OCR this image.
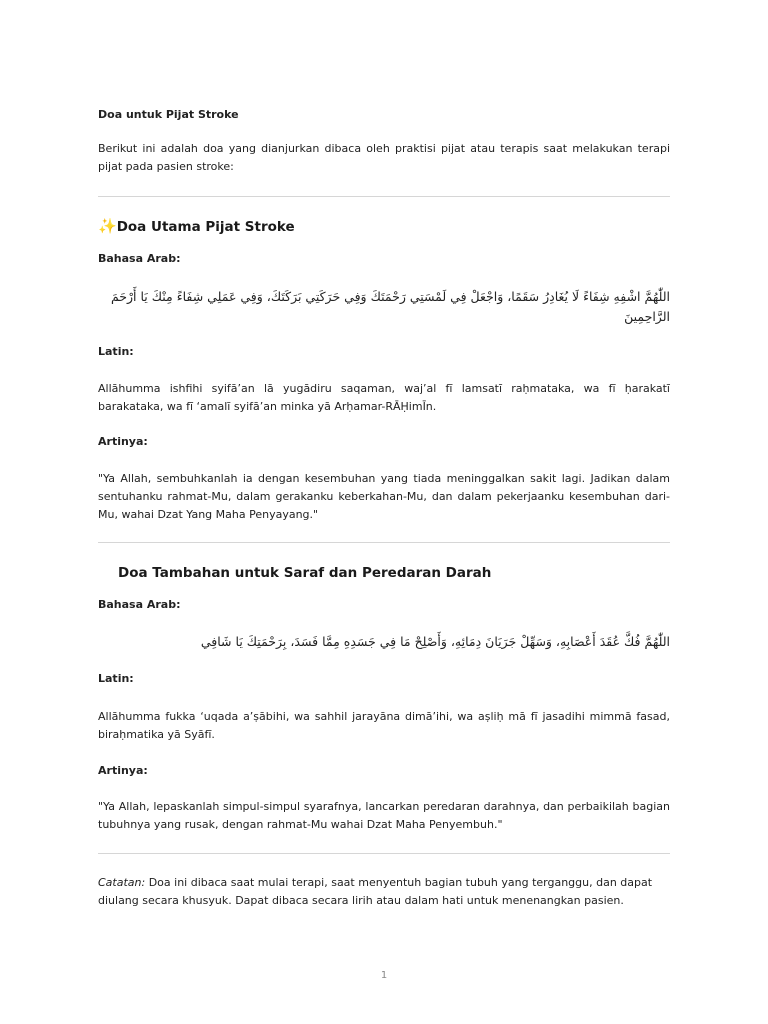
Doa untuk Pijat Stroke

Berikut ini adalah doa yang dianjurkan dibaca oleh praktisi pijat atau terapis saat melakukan terapi pijat pada pasien stroke:

✨Doa Utama Pijat Stroke

Bahasa Arab:

اللّٰهُمَّ اشْفِهِ شِفَاءً لَا يُغَادِرُ سَقَمًا، وَاجْعَلْ فِي لَمْسَتِي رَحْمَتَكَ وَفِي حَرَكَتِي بَرَكَتَكَ، وَفِي عَمَلِي شِفَاءً مِنْكَ يَا أَرْحَمَ الرَّاحِمِينَ

Latin:

Allāhumma ishfihi syifā’an lā yugādiru saqaman, waj’al fī lamsatī raḥmataka, wa fī ḥarakatī barakataka, wa fī ‘amalī syifā’an minka yā Arḥamar-RĀḤimĪn.

Artinya:

"Ya Allah, sembuhkanlah ia dengan kesembuhan yang tiada meninggalkan sakit lagi. Jadikan dalam sentuhanku rahmat-Mu, dalam gerakanku keberkahan-Mu, dan dalam pekerjaanku kesembuhan dari-Mu, wahai Dzat Yang Maha Penyayang."

Doa Tambahan untuk Saraf dan Peredaran Darah

Bahasa Arab:

اللّٰهُمَّ فُكَّ عُقَدَ أَعْصَابِهِ، وَسَهِّلْ جَرَيَانَ دِمَائِهِ، وَأَصْلِحْ مَا فِي جَسَدِهِ مِمَّا فَسَدَ، بِرَحْمَتِكَ يَا شَافِي

Latin:

Allāhumma fukka ‘uqada a’ṣābihi, wa sahhil jarayāna dimā’ihi, wa aṣliḥ mā fī jasadihi mimmā fasad, biraḥmatika yā Syāfī.

Artinya:

"Ya Allah, lepaskanlah simpul-simpul syarafnya, lancarkan peredaran darahnya, dan perbaikilah bagian tubuhnya yang rusak, dengan rahmat-Mu wahai Dzat Maha Penyembuh."

Catatan: Doa ini dibaca saat mulai terapi, saat menyentuh bagian tubuh yang terganggu, dan dapat diulang secara khusyuk. Dapat dibaca secara lirih atau dalam hati untuk menenangkan pasien.

1
